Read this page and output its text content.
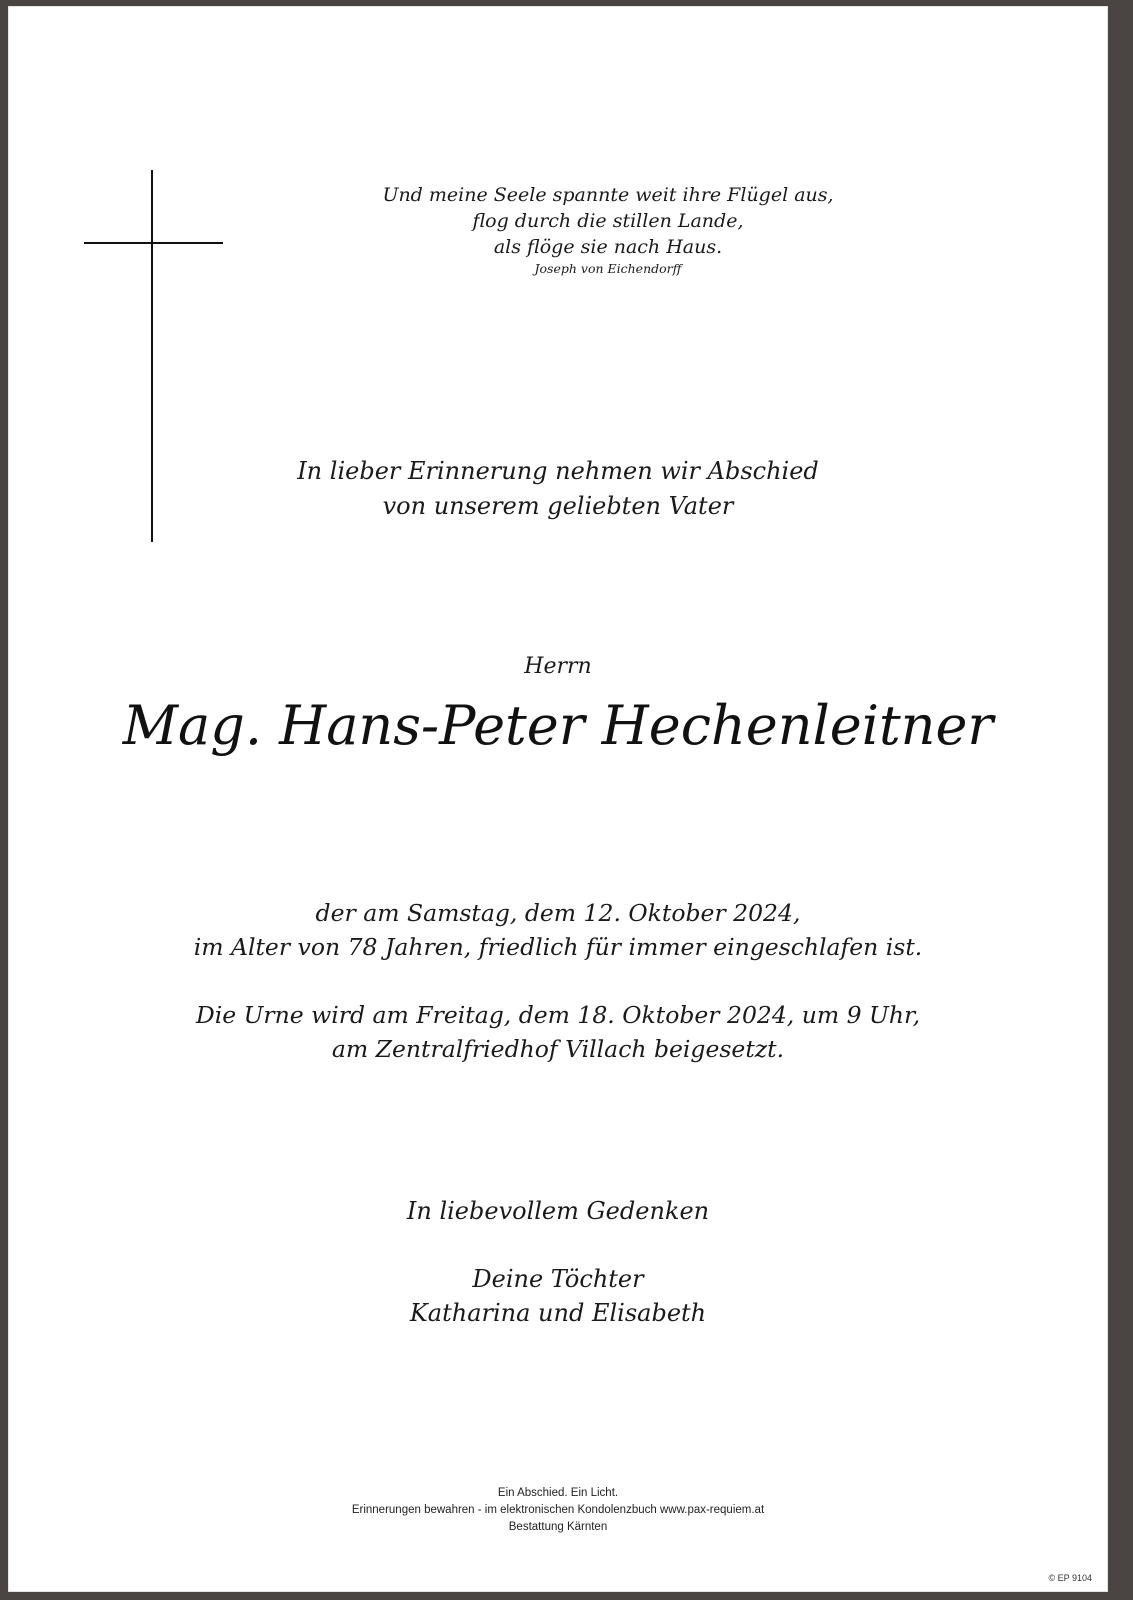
Und meine Seele spannte weit ihre Flügel aus,
flog durch die stillen Lande,
als flöge sie nach Haus.
Joseph von Eichendorff
In lieber Erinnerung nehmen wir Abschied
von unserem geliebten Vater
Herrn
Mag. Hans-Peter Hechenleitner
der am Samstag, dem 12. Oktober 2024,
im Alter von 78 Jahren, friedlich für immer eingeschlafen ist.
Die Urne wird am Freitag, dem 18. Oktober 2024, um 9 Uhr,
am Zentralfriedhof Villach beigesetzt.
In liebevollem Gedenken
Deine Töchter
Katharina und Elisabeth
Ein Abschied. Ein Licht.
Erinnerungen bewahren - im elektronischen Kondolenzbuch www.pax-requiem.at
Bestattung Kärnten
© EP 9104
